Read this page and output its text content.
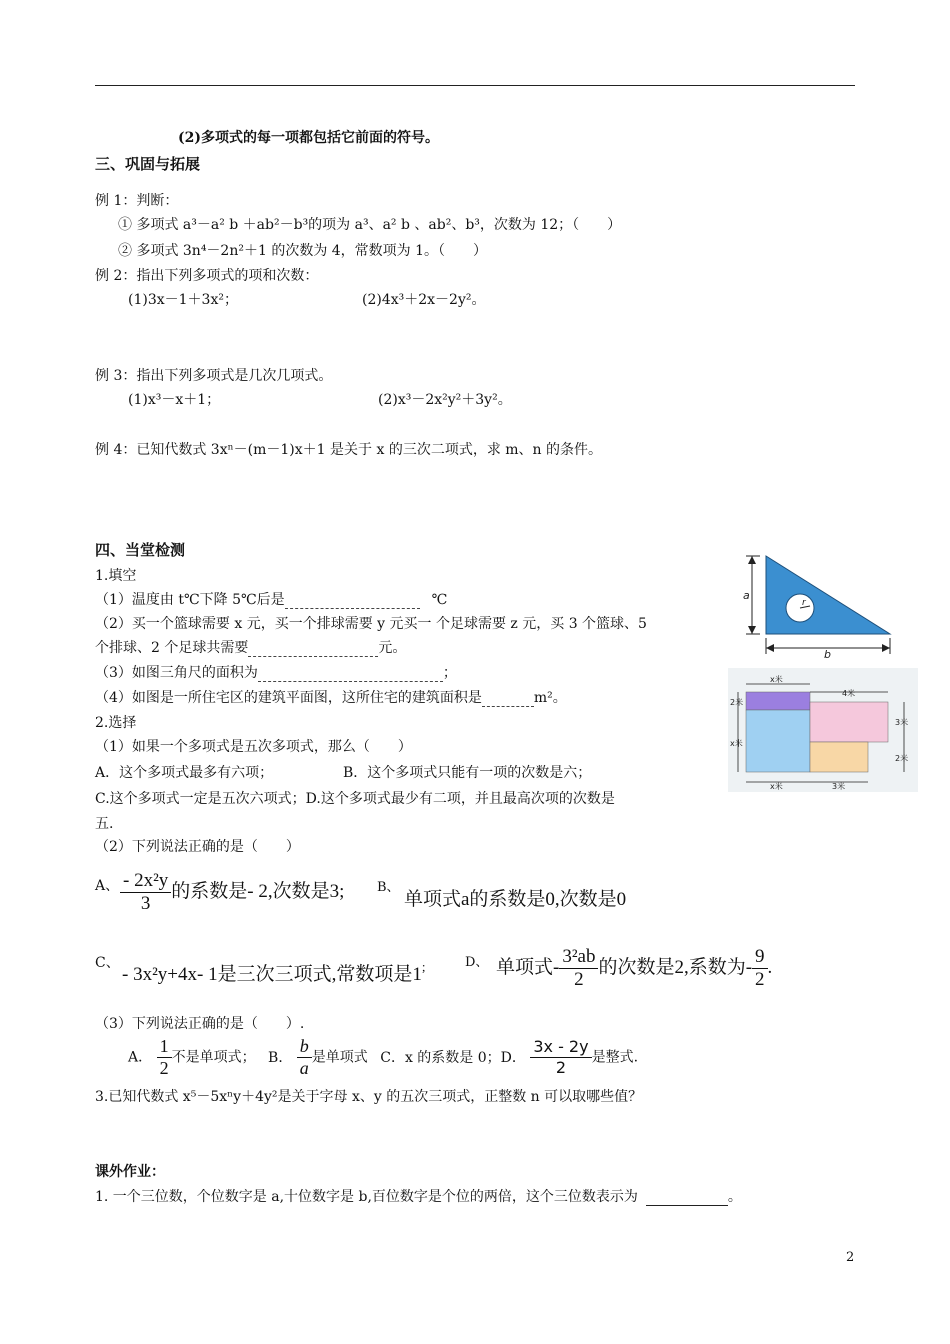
(2)多项式的每一项都包括它前面的符号。
三、巩固与拓展
例 1：判断：
① 多项式 a³－a² b ＋ab²－b³的项为 a³、a² b 、ab²、b³，次数为 12；（　　）
② 多项式 3n⁴－2n²＋1 的次数为 4，常数项为 1。（　　）
例 2：指出下列多项式的项和次数：
(1)3x－1＋3x²；	(2)4x³＋2x－2y²。
例 3：指出下列多项式是几次几项式。
(1)x³－x＋1；	(2)x³－2x²y²＋3y²。
例 4：已知代数式 3xⁿ－(m－1)x＋1 是关于 x 的三次二项式，求 m、n 的条件。
四、当堂检测
1.填空
（1）温度由 t℃下降 5℃后是	℃
（2）买一个篮球需要 x 元，买一个排球需要 y 元买一 个足球需要 z 元，买 3 个篮球、5
个排球、2 个足球共需要	元。
（3）如图三角尺的面积为	；
（4）如图是一所住宅区的建筑平面图，这所住宅的建筑面积是	m²。
2.选择
（1）如果一个多项式是五次多项式，那么（　　）
A．这个多项式最多有六项；	B．这个多项式只能有一项的次数是六；
C.这个多项式一定是五次六项式；D.这个多项式最少有二项，并且最高次项的次数是
五.
（2）下列说法正确的是（　　）
A、 $\frac{\text{- 2x²y}}{3}$ 的系数是- 2,次数是3;	B、
单项式a的系数是0,次数是0
C、
- 3x²y+4x- 1是三次三项式,常数项是1;	D、 单项式- $\frac{\text{3²ab}}{2}$ 的次数是2,系数为- $\frac{9}{2}$ .
（3）下列说法正确的是（　　）.
A． $\frac{1}{2}$ 不是单项式； B． $\frac{b}{a}$ 是单项式 C．x 的系数是 0；D． $\frac{3x - 2y}{2}$ 是整式.
3.已知代数式 x⁵－5xⁿy＋4y²是关于字母 x、y 的五次三项式，正整数 n 可以取哪些值？
课外作业：
1. 一个三位数，个位数字是 a,十位数字是 b,百位数字是个位的两倍，这个三位数表示为	。
2
a
r
b
x米
4米
2米
x米
3米
2米
x米	3米
